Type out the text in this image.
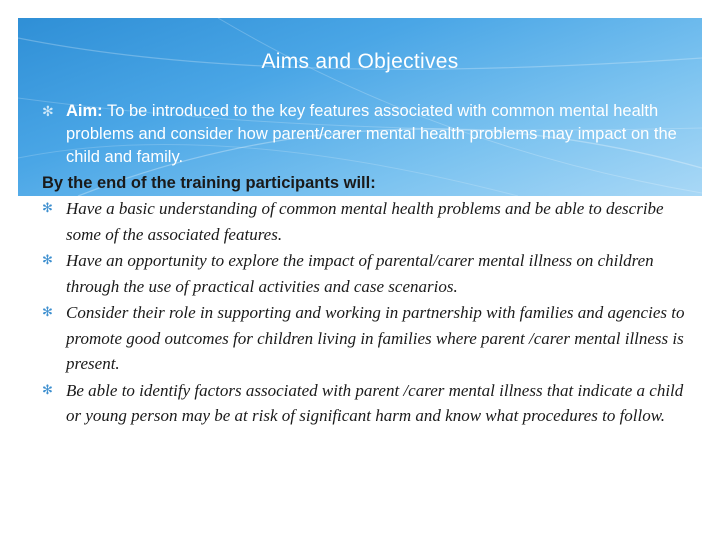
Aims and Objectives
✻ Aim: To be introduced to the key features associated with common mental health problems and consider how parent/carer mental health problems may impact on the child and family.
By the end of the training participants will:
✻ Have a basic understanding of common mental health problems and be able to describe some of the associated features.
✻ Have an opportunity to explore the impact of parental/carer mental illness on children through the use of practical activities and case scenarios.
✻ Consider their role in supporting and working in partnership with families and agencies to promote good outcomes for children living in families where parent /carer mental illness is present.
✻ Be able to identify factors associated with parent /carer mental illness that indicate a child or young person may be at risk of significant harm and know what procedures to follow.
